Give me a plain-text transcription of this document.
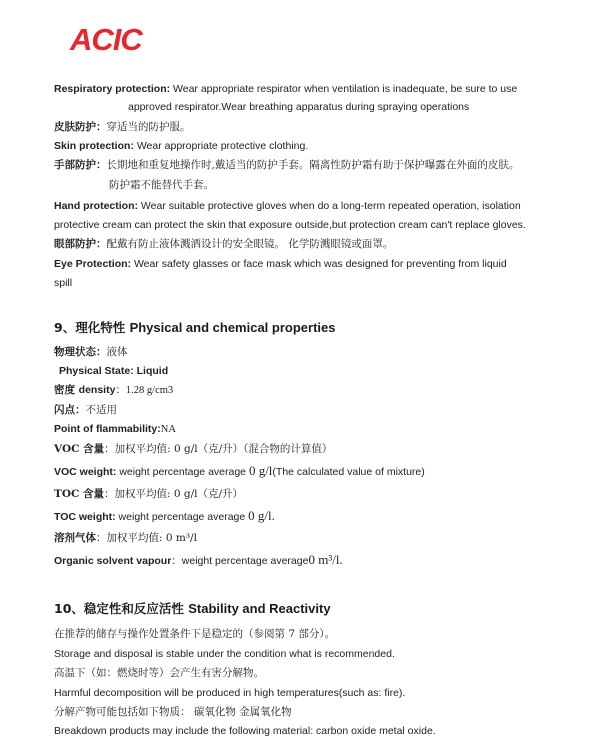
ACIC
Respiratory protection: Wear appropriate respirator when ventilation is inadequate, be sure to use
approved respirator.Wear breathing apparatus during spraying operations
皮肤防护：穿适当的防护服。
Skin protection: Wear appropriate protective clothing.
手部防护：长期地和重复地操作时,戴适当的防护手套。隔离性防护霜有助于保护曝露在外面的皮肤。
防护霜不能替代手套。
Hand protection: Wear suitable protective gloves when do a long-term repeated operation, isolation
protective cream can protect the skin that exposure outside,but protection cream can't replace gloves.
眼部防护：配戴有防止液体溅洒设计的安全眼镜。 化学防溅眼镜或面罩。
Eye Protection: Wear safety glasses or face mask which was designed for preventing from liquid
spill
9、理化特性 Physical and chemical properties
物理状态：液体
Physical State: Liquid
密度 density：1.28 g/cm3
闪点：不适用
Point of flammability:NA
VOC 含量：加权平均值: 0 g/l（克/升）（混合物的计算值）
VOC weight: weight percentage average 0 g/l(The calculated value of mixture)
TOC 含量：加权平均值: 0 g/l（克/升）
TOC weight: weight percentage average 0 g/l.
溶剂气体：加权平均值: 0 m³/l
Organic solvent vapour：weight percentage average0 m³/l.
10、稳定性和反应活性 Stability and Reactivity
在推荐的储存与操作处置条件下是稳定的（参阅第 7 部分）。
Storage and disposal is stable under the condition what is recommended.
高温下（如：燃烧时等）会产生有害分解物。
Harmful decomposition will be produced in high temperatures(such as: fire).
分解产物可能包括如下物质： 碳氧化物 金属氧化物
Breakdown products may include the following material: carbon oxide metal oxide.
